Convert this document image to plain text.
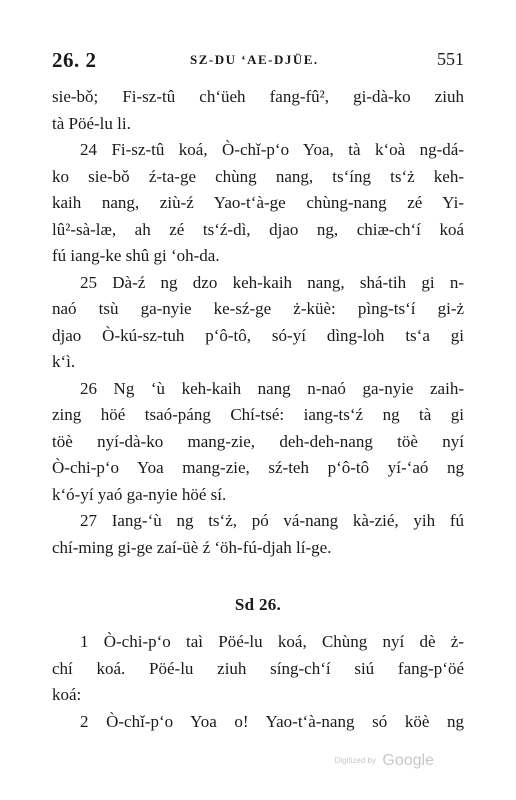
26. 2	SZ-DU ʻAE-DJÜE.	551
sie-bǒ; Fi-sz-tû chʻüeh fang-fû², gi-dà-ko ziuh
tà Pöé-lu li.
24 Fi-sz-tû koá, Ò-chǐ-pʻo Yoa, tà kʻoà ng-dá-
ko sie-bǒ ź-ta-ge chùng nang, tsʻíng tsʻż keh-
kaih nang, ziù-ź Yao-tʻà-ge chùng-nang zé Yi-
lû²-sà-læ, ah zé tsʻź-dì, djao ng, chiæ-chʻí koá
fú iang-ke shû gi ʻoh-da.
25 Dà-ź ng dzo keh-kaih nang, shá-tih gi n-
naó tsù ga-nyie ke-sź-ge ż-küè: pìng-tsʻí gi-ż
djao Ò-kú-sz-tuh pʻô-tô, só-yí dìng-loh tsʻa gi
kʻì.
26 Ng ʻù keh-kaih nang n-naó ga-nyie zaih-
zing höé tsaó-páng Chí-tsé: iang-tsʻź ng tà gi
töè nyí-dà-ko mang-zie, deh-deh-nang töè nyí
Ò-chi-pʻo Yoa mang-zie, sź-teh pʻô-tô yí-ʻaó ng
kʻó-yí yaó ga-nyie höé sí.
27 Iang-ʻù ng tsʻż, pó vá-nang kà-zié, yih fú
chí-ming gi-ge zaí-üè ź ʻöh-fú-djah lí-ge.
Sd 26.
1 Ò-chi-pʻo taì Pöé-lu koá, Chùng nyí dè ż-
chí koá. Pöé-lu ziuh síng-chʻí siú fang-pʻöé
koá:
2 Ò-chǐ-pʻo Yoa o! Yao-tʻà-nang só köè ng
Digitized by Google
